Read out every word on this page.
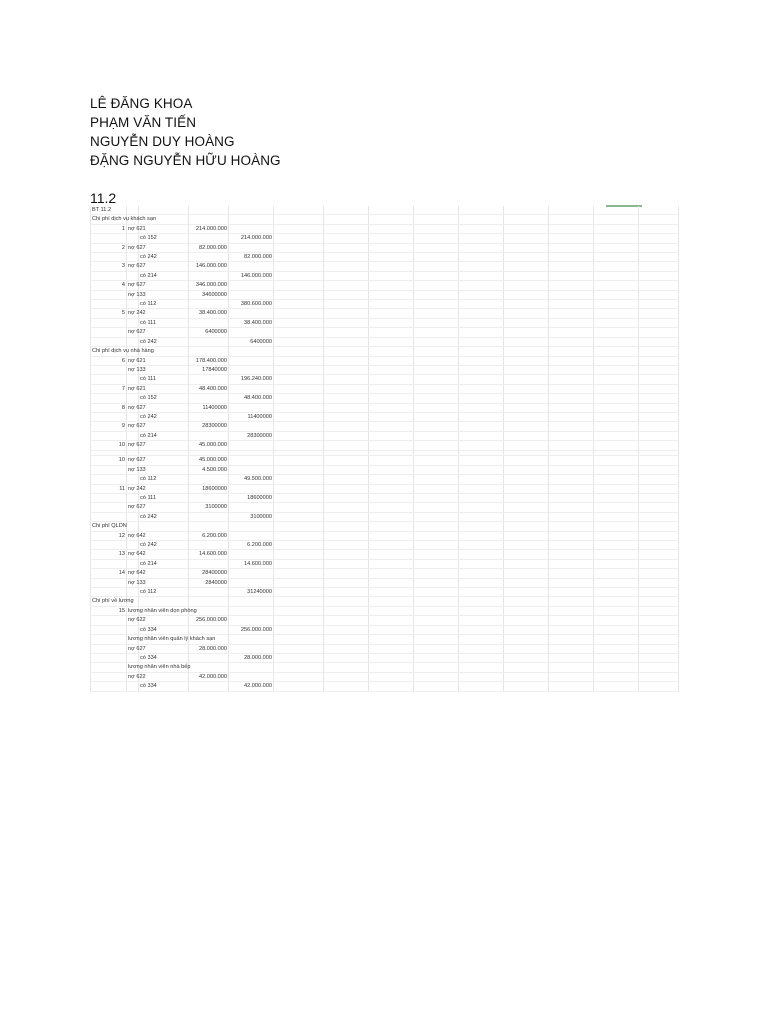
LÊ ĐĂNG KHOA
PHẠM VĂN TIẾN
NGUYỄN DUY HOÀNG
ĐẶNG NGUYỄN HỮU HOÀNG
11.2
BT 11.2													
Chi phí dịch vụ khách sạn													
1	nợ 621		214.000.000										
		có 152		214.000.000									
2	nợ 627		82.000.000										
		có 242		82.000.000									
3	nợ 627		146.000.000										
		có 214		146.000.000									
4	nợ 627		346.000.000										
	nợ 133		34600000										
		có 112		380.600.000									
5	nợ 242		38.400.000										
		có 111		38.400.000									
	nợ 627		6400000										
		có 242		6400000									
Chi phí dịch vụ nhà hàng													
6	nợ 621		178.400.000										
	nợ 133		17840000										
		có 111		196.240.000									
7	nợ 621		48.400.000										
		có 152		48.400.000									
8	nợ 627		11400000										
		có 242		11400000									
9	nợ 627		28300000										
		có 214		28300000									
10	nợ 627		45.000.000										

10	nợ 627		45.000.000										
	nợ 133		4.500.000										
		có 112		49.500.000									
11	nợ 242		18600000										
		có 111		18600000									
	nợ 627		3100000										
		có 242		3100000									
Chi phí QLDN													
12	nợ 642		6.200.000										
		có 242		6.200.000									
13	nợ 642		14.600.000										
		có 214		14.600.000									
14	nợ 642		28400000										
	nợ 133		2840000										
		có 112		31240000									
Chi phí về lương													
15	lương nhân viên dọn phòng												
	nợ 622		256.000.000										
		có 334		256.000.000									
	lương nhân viên quản lý khách sạn												
	nợ 627		28.000.000										
		có 334		28.000.000									
	lương nhân viên nhà bếp												
	nợ 622		42.000.000										
		có 334		42.000.000									
